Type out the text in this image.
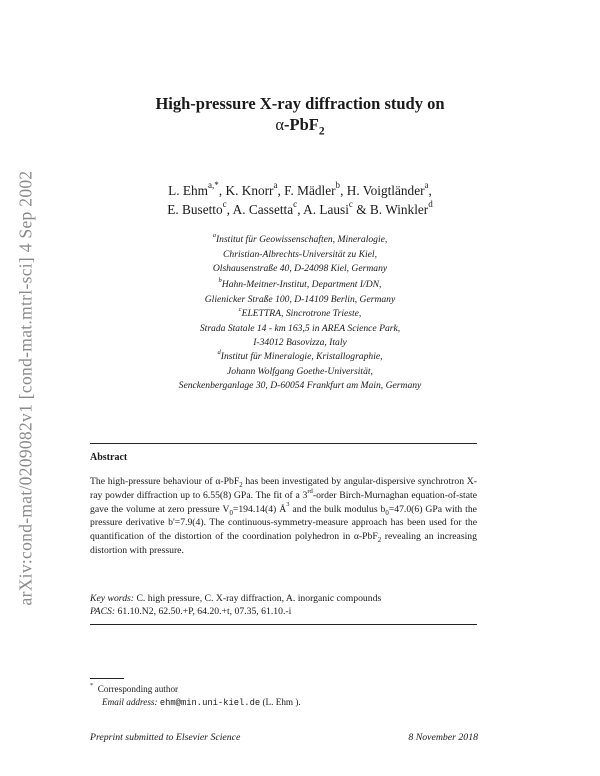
arXiv:cond-mat/0209082v1 [cond-mat.mtrl-sci] 4 Sep 2002
High-pressure X-ray diffraction study on
α-PbF$_2$
L. Ehm$^{a,*}$, K. Knorr$^a$, F. Mädler$^b$, H. Voigtländer$^a$,
E. Busetto$^c$, A. Cassetta$^c$, A. Lausi$^c$ & B. Winkler$^d$
$^a$Institut für Geowissenschaften, Mineralogie,
Christian-Albrechts-Universität zu Kiel,
Olshausenstraße 40, D-24098 Kiel, Germany
$^b$Hahn-Meitner-Institut, Department I/DN,
Glienicker Straße 100, D-14109 Berlin, Germany
$^c$ELETTRA, Sincrotrone Trieste,
Strada Statale 14 - km 163,5 in AREA Science Park,
I-34012 Basovizza, Italy
$^d$Institut für Mineralogie, Kristallographie,
Johann Wolfgang Goethe-Universität,
Senckenberganlage 30, D-60054 Frankfurt am Main, Germany
Abstract
The high-pressure behaviour of α-PbF$_2$ has been investigated by angular-dispersive synchrotron X-ray powder diffraction up to 6.55(8) GPa. The fit of a 3rd-order Birch-Murnaghan equation-of-state gave the volume at zero pressure $V_0=194.14(4)$ $Å^3$ and the bulk modulus $b_0=47.0(6)$ GPa with the pressure derivative b'=7.9(4). The continuous-symmetry-measure approach has been used for the quantification of the distortion of the coordination polyhedron in α-PbF$_2$ revealing an increasing distortion with pressure.
Key words: C. high pressure, C. X-ray diffraction, A. inorganic compounds
PACS: 61.10.N2, 62.50.+P, 64.20.+t, 07.35, 61.10.-i
* Corresponding author
Email address: ehm@min.uni-kiel.de (L. Ehm ).
Preprint submitted to Elsevier Science	8 November 2018
